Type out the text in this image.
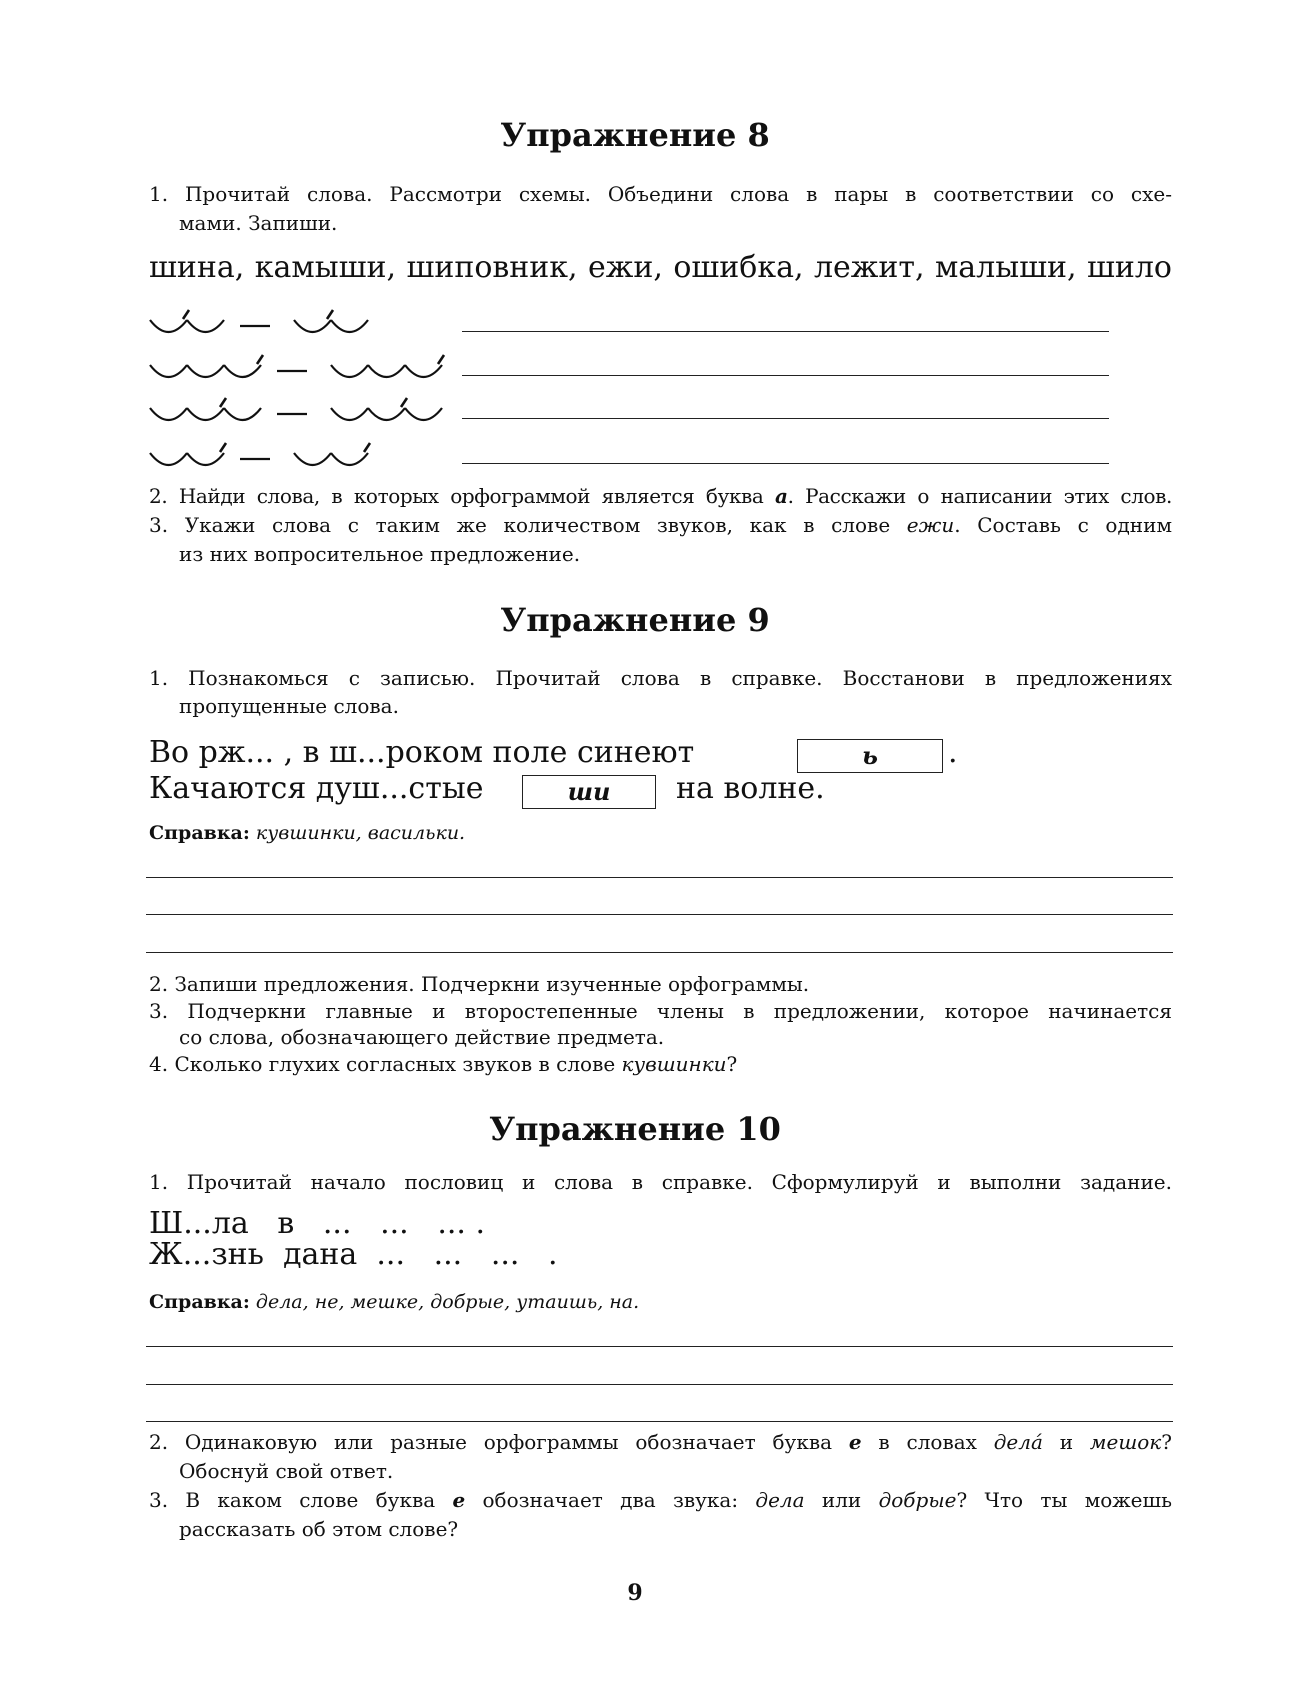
Упражнение 8
1. Прочитай слова. Рассмотри схемы. Объедини слова в пары в соответствии со схе-
мами. Запиши.
шина, камыши, шиповник, ежи, ошибка, лежит, малыши, шило
2. Найди слова, в которых орфограммой является буква а. Расскажи о написании этих слов.
3. Укажи слова с таким же количеством звуков, как в слове ежи. Составь с одним
из них вопросительное предложение.
Упражнение 9
1. Познакомься с записью. Прочитай слова в справке. Восстанови в предложениях
пропущенные слова.
Во рж... , в ш...роком поле синеют	ь	.
Качаются душ...стые	ши	на волне.
Справка: кувшинки, васильки.
2. Запиши предложения. Подчеркни изученные орфограммы.
3. Подчеркни главные и второстепенные члены в предложении, которое начинается
со слова, обозначающего действие предмета.
4. Сколько глухих согласных звуков в слове кувшинки?
Упражнение 10
1. Прочитай начало пословиц и слова в справке. Сформулируй и выполни задание.
Ш...ла   в   ...   ...   ... .
Ж...знь  дана  ...   ...   ...   .
Справка: дела, не, мешке, добрые, утаишь, на.
2. Одинаковую или разные орфограммы обозначает буква е в словах дела́ и мешок?
Обоснуй свой ответ.
3. В каком слове буква е обозначает два звука: дела или добрые? Что ты можешь
рассказать об этом слове?
9
